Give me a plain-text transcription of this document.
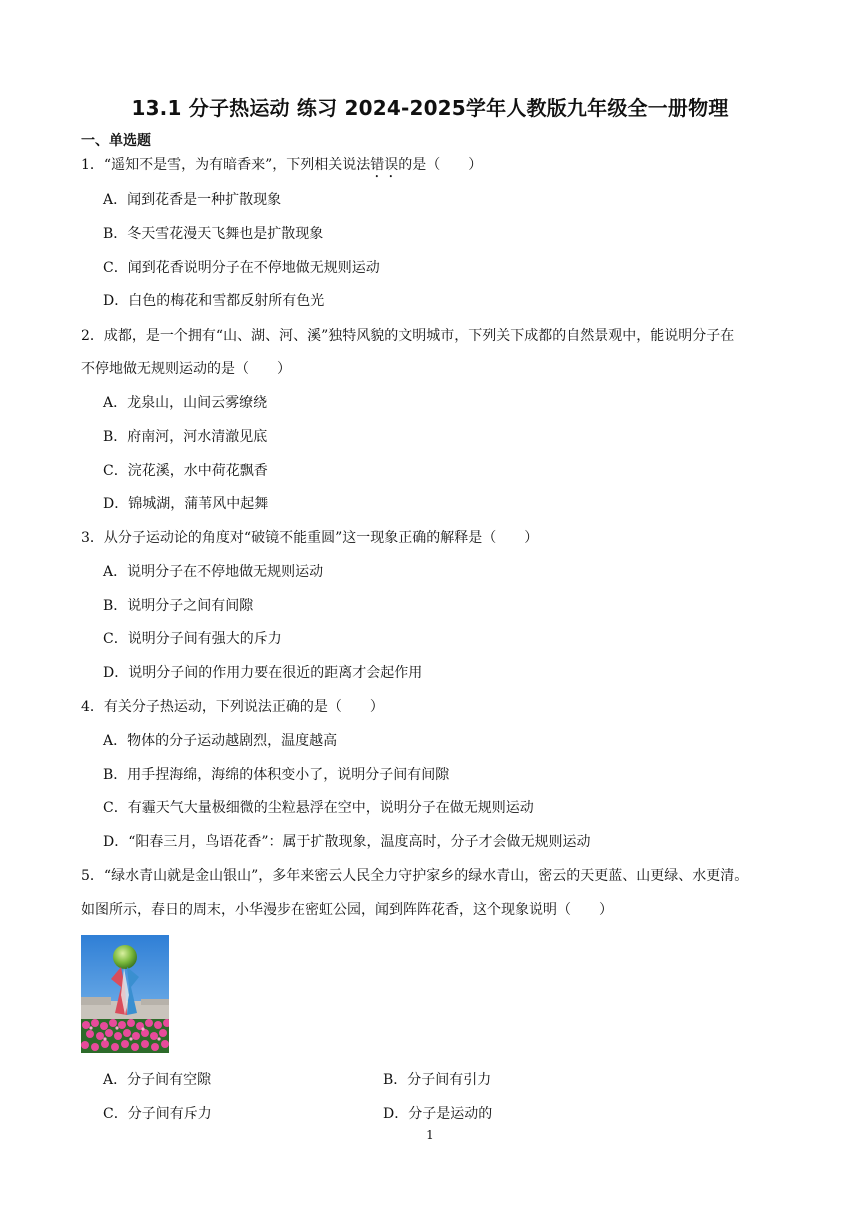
13.1 分子热运动 练习 2024-2025学年人教版九年级全一册物理
一、单选题
1．“遥知不是雪，为有暗香来”，下列相关说法错误的是（　　）
A．闻到花香是一种扩散现象
B．冬天雪花漫天飞舞也是扩散现象
C．闻到花香说明分子在不停地做无规则运动
D．白色的梅花和雪都反射所有色光
2．成都，是一个拥有“山、湖、河、溪”独特风貌的文明城市，下列关下成都的自然景观中，能说明分子在
不停地做无规则运动的是（　　）
A．龙泉山，山间云雾缭绕
B．府南河，河水清澈见底
C．浣花溪，水中荷花飘香
D．锦城湖，蒲苇风中起舞
3．从分子运动论的角度对“破镜不能重圆”这一现象正确的解释是（　　）
A．说明分子在不停地做无规则运动
B．说明分子之间有间隙
C．说明分子间有强大的斥力
D．说明分子间的作用力要在很近的距离才会起作用
4．有关分子热运动，下列说法正确的是（　　）
A．物体的分子运动越剧烈，温度越高
B．用手捏海绵，海绵的体积变小了，说明分子间有间隙
C．有霾天气大量极细微的尘粒悬浮在空中，说明分子在做无规则运动
D．“阳春三月，鸟语花香”：属于扩散现象，温度高时，分子才会做无规则运动
5．“绿水青山就是金山银山”，多年来密云人民全力守护家乡的绿水青山，密云的天更蓝、山更绿、水更清。
如图所示，春日的周末，小华漫步在密虹公园，闻到阵阵花香，这个现象说明（　　）
A．分子间有空隙	B．分子间有引力
C．分子间有斥力	D．分子是运动的
1
